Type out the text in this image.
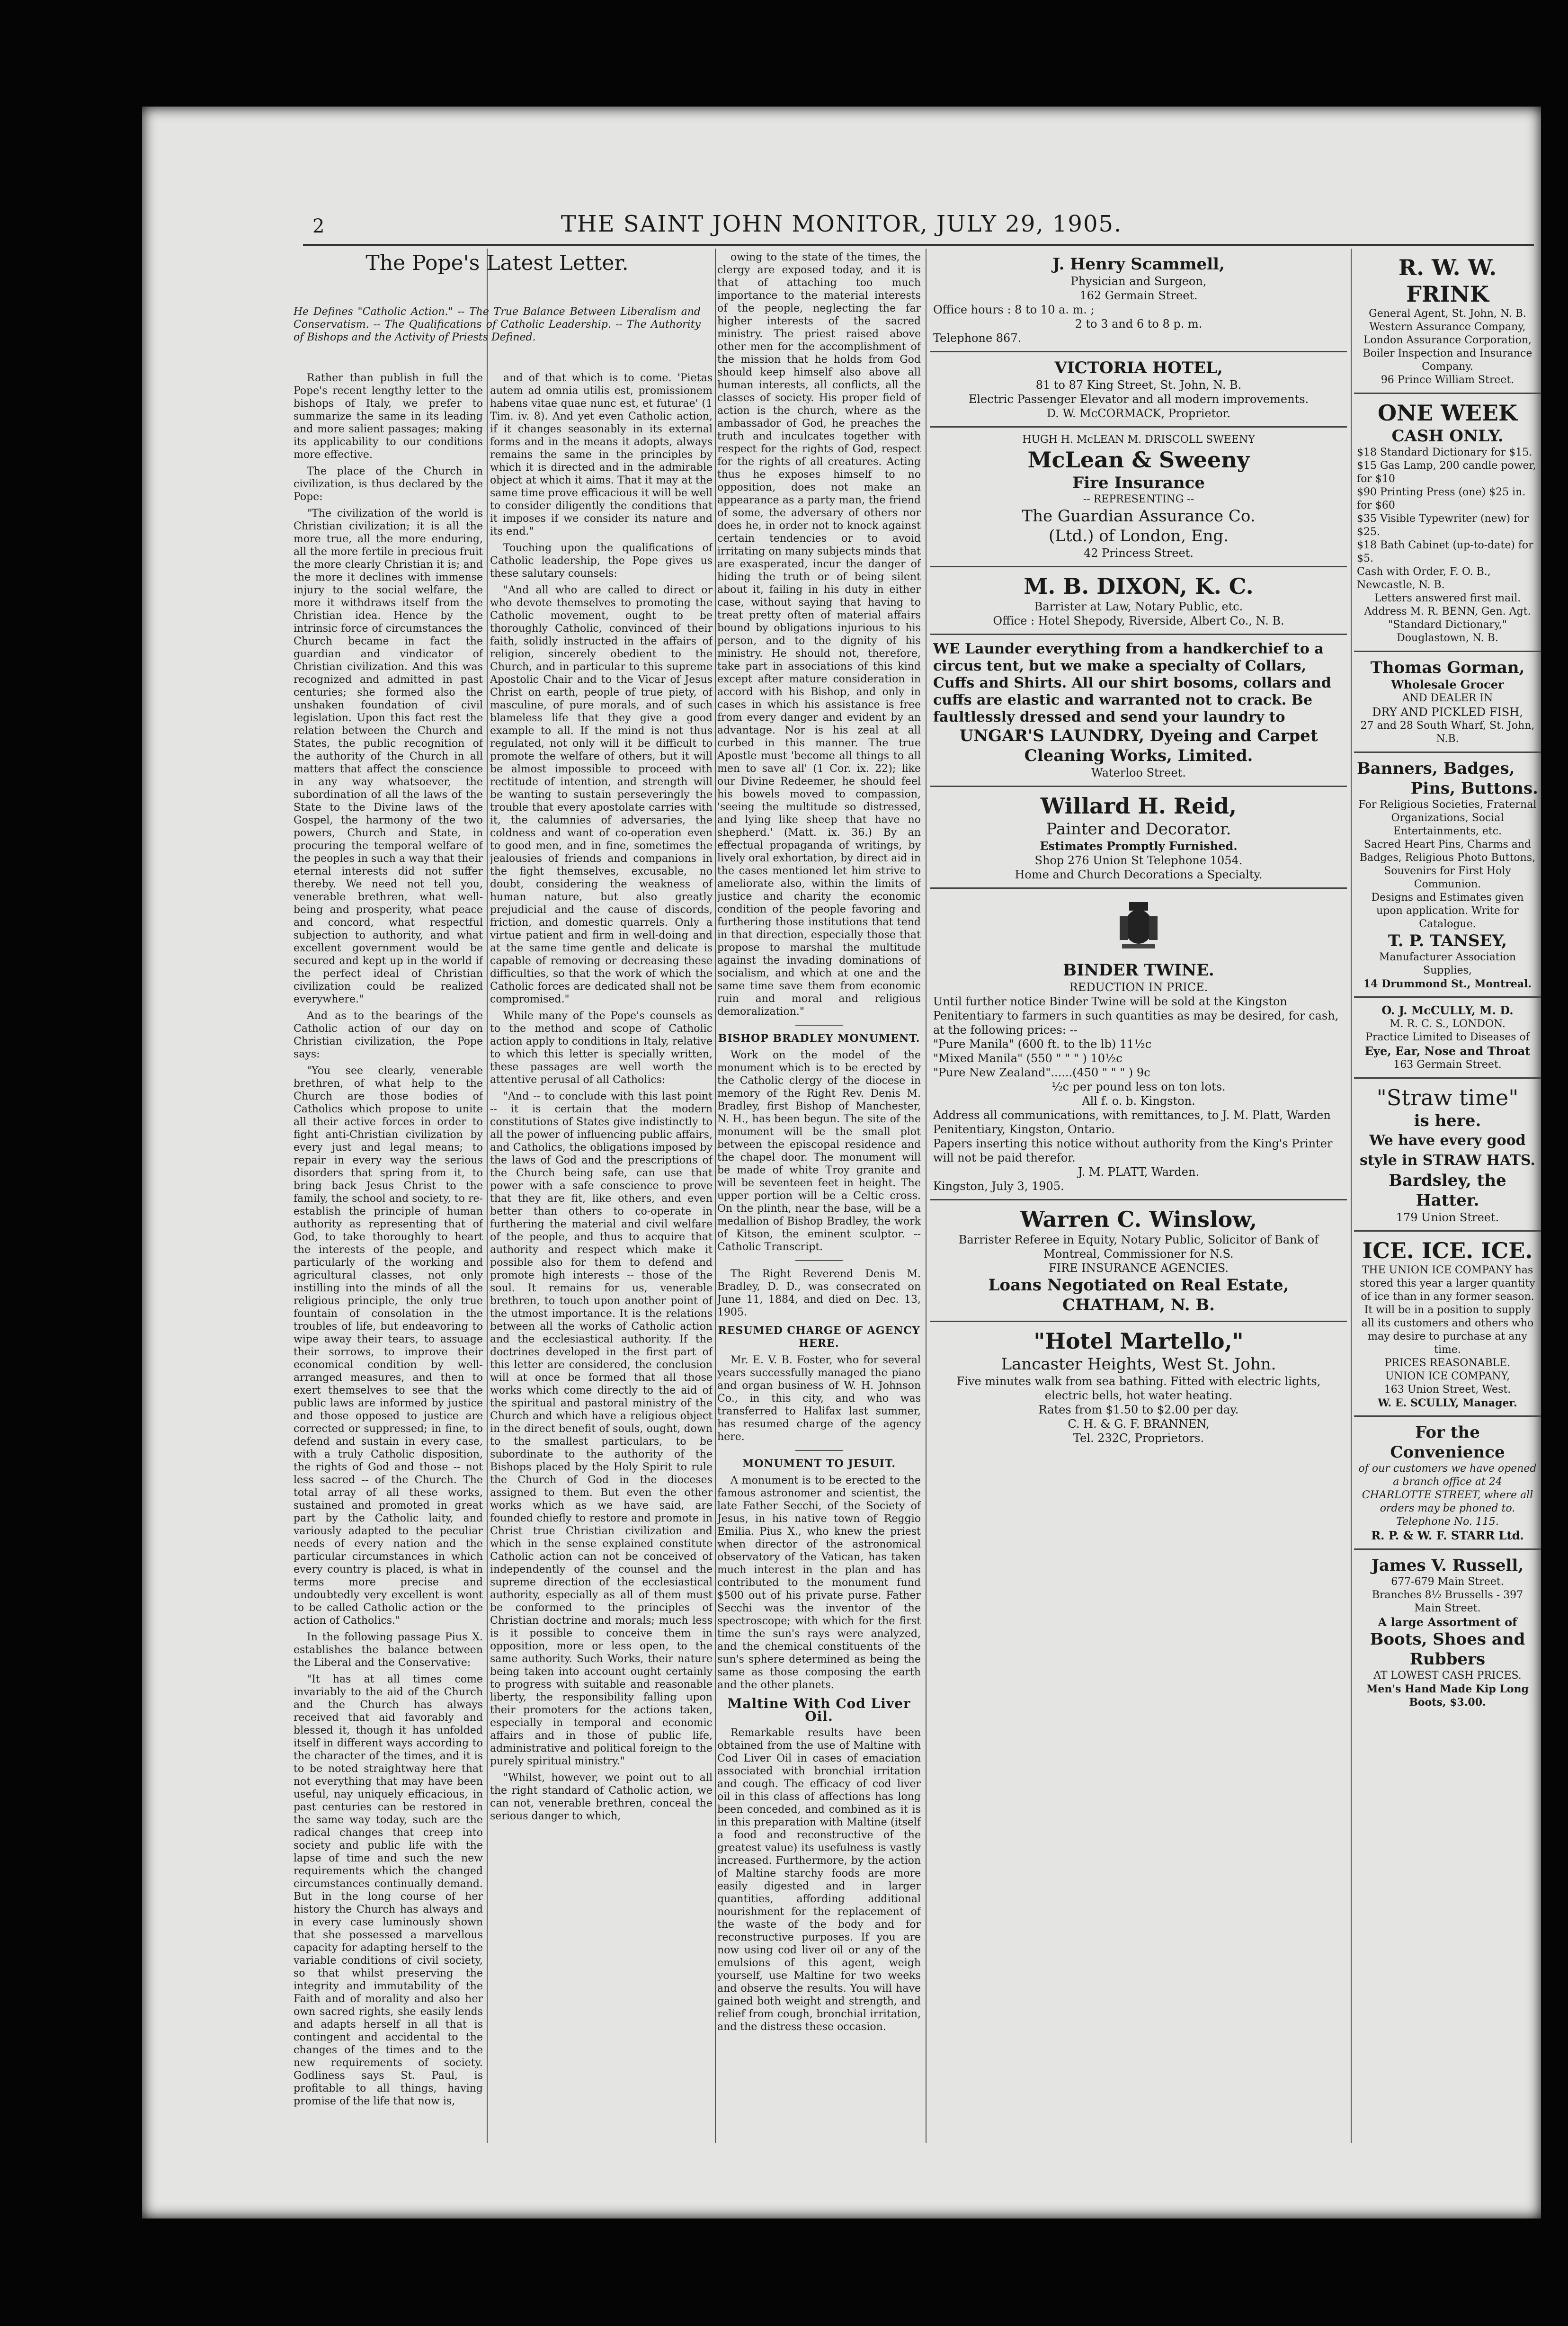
2	THE SAINT JOHN MONITOR, JULY 29, 1905.
The Pope's Latest Letter.
He Defines "Catholic Action." -- The True Balance Between Liberalism and Conservatism. -- The Qualifications of Catholic Leadership. -- The Authority of Bishops and the Activity of Priests Defined.

Rather than publish in full the Pope's recent lengthy letter to the bishops of Italy, we prefer to summarize the same in its leading and more salient passages; making its applicability to our conditions more effective.

The place of the Church in civilization, is thus declared by the Pope:

"The civilization of the world is Christian civilization; it is all the more true, all the more enduring, all the more fertile in precious fruit the more clearly Christian it is; and the more it declines with immense injury to the social welfare, the more it withdraws itself from the Christian idea. Hence by the intrinsic force of circumstances the Church became in fact the guardian and vindicator of Christian civilization. And this was recognized and admitted in past centuries; she formed also the unshaken foundation of civil legislation. Upon this fact rest the relation between the Church and States, the public recognition of the authority of the Church in all matters that affect the conscience in any way whatsoever, the subordination of all the laws of the State to the Divine laws of the Gospel, the harmony of the two powers, Church and State, in procuring the temporal welfare of the peoples in such a way that their eternal interests did not suffer thereby. We need not tell you, venerable brethren, what well-being and prosperity, what peace and concord, what respectful subjection to authority, and what excellent government would be secured and kept up in the world if the perfect ideal of Christian civilization could be realized everywhere."

And as to the bearings of the Catholic action of our day on Christian civilization, the Pope says:

"You see clearly, venerable brethren, of what help to the Church are those bodies of Catholics which propose to unite all their active forces in order to fight anti-Christian civilization by every just and legal means; to repair in every way the serious disorders that spring from it, to bring back Jesus Christ to the family, the school and society, to re-establish the principle of human authority as representing that of God, to take thoroughly to heart the interests of the people, and particularly of the working and agricultural classes, not only instilling into the minds of all the religious principle, the only true fountain of consolation in the troubles of life, but endeavoring to wipe away their tears, to assuage their sorrows, to improve their economical condition by well-arranged measures, and then to exert themselves to see that the public laws are informed by justice and those opposed to justice are corrected or suppressed; in fine, to defend and sustain in every case, with a truly Catholic disposition, the rights of God and those -- not less sacred -- of the Church. The total array of all these works, sustained and promoted in great part by the Catholic laity, and variously adapted to the peculiar needs of every nation and the particular circumstances in which every country is placed, is what in terms more precise and undoubtedly very excellent is wont to be called Catholic action or the action of Catholics."

In the following passage Pius X. establishes the balance between the Liberal and the Conservative:

"It has at all times come invariably to the aid of the Church and the Church has always received that aid favorably and blessed it, though it has unfolded itself in different ways according to the character of the times, and it is to be noted straightway here that not everything that may have been useful, nay uniquely efficacious, in past centuries can be restored in the same way today, such are the radical changes that creep into society and public life with the lapse of time and such the new requirements which the changed circumstances continually demand. But in the long course of her history the Church has always and in every case luminously shown that she possessed a marvellous capacity for adapting herself to the variable conditions of civil society, so that whilst preserving the integrity and immutability of the Faith and of morality and also her own sacred rights, she easily lends and adapts herself in all that is contingent and accidental to the changes of the times and to the new requirements of society. Godliness says St. Paul, is profitable to all things, having promise of the life that now is,

and of that which is to come. 'Pietas autem ad omnia utilis est, promissionem habens vitae quae nunc est, et futurae' (1 Tim. iv. 8). And yet even Catholic action, if it changes seasonably in its external forms and in the means it adopts, always remains the same in the principles by which it is directed and in the admirable object at which it aims. That it may at the same time prove efficacious it will be well to consider diligently the conditions that it imposes if we consider its nature and its end."

Touching upon the qualifications of Catholic leadership, the Pope gives us these salutary counsels:

"And all who are called to direct or who devote themselves to promoting the Catholic movement, ought to be thoroughly Catholic, convinced of their faith, solidly instructed in the affairs of religion, sincerely obedient to the Church, and in particular to this supreme Apostolic Chair and to the Vicar of Jesus Christ on earth, people of true piety, of masculine, of pure morals, and of such blameless life that they give a good example to all. If the mind is not thus regulated, not only will it be difficult to promote the welfare of others, but it will be almost impossible to proceed with rectitude of intention, and strength will be wanting to sustain perseveringly the trouble that every apostolate carries with it, the calumnies of adversaries, the coldness and want of co-operation even to good men, and in fine, sometimes the jealousies of friends and companions in the fight themselves, excusable, no doubt, considering the weakness of human nature, but also greatly prejudicial and the cause of discords, friction, and domestic quarrels. Only a virtue patient and firm in well-doing and at the same time gentle and delicate is capable of removing or decreasing these difficulties, so that the work of which the Catholic forces are dedicated shall not be compromised."

While many of the Pope's counsels as to the method and scope of Catholic action apply to conditions in Italy, relative to which this letter is specially written, these passages are well worth the attentive perusal of all Catholics:

"And -- to conclude with this last point -- it is certain that the modern constitutions of States give indistinctly to all the power of influencing public affairs, and Catholics, the obligations imposed by the laws of God and the prescriptions of the Church being safe, can use that power with a safe conscience to prove that they are fit, like others, and even better than others to co-operate in furthering the material and civil welfare of the people, and thus to acquire that authority and respect which make it possible also for them to defend and promote high interests -- those of the soul. It remains for us, venerable brethren, to touch upon another point of the utmost importance. It is the relations between all the works of Catholic action and the ecclesiastical authority. If the doctrines developed in the first part of this letter are considered, the conclusion will at once be formed that all those works which come directly to the aid of the spiritual and pastoral ministry of the Church and which have a religious object in the direct benefit of souls, ought, down to the smallest particulars, to be subordinate to the authority of the Bishops placed by the Holy Spirit to rule the Church of God in the dioceses assigned to them. But even the other works which as we have said, are founded chiefly to restore and promote in Christ true Christian civilization and which in the sense explained constitute Catholic action can not be conceived of independently of the counsel and the supreme direction of the ecclesiastical authority, especially as all of them must be conformed to the principles of Christian doctrine and morals; much less is it possible to conceive them in opposition, more or less open, to the same authority. Such Works, their nature being taken into account ought certainly to progress with suitable and reasonable liberty, the responsibility falling upon their promoters for the actions taken, especially in temporal and economic affairs and in those of public life, administrative and political foreign to the purely spiritual ministry."

"Whilst, however, we point out to all the right standard of Catholic action, we can not, venerable brethren, conceal the serious danger to which,

owing to the state of the times, the clergy are exposed today, and it is that of attaching too much importance to the material interests of the people, neglecting the far higher interests of the sacred ministry. The priest raised above other men for the accomplishment of the mission that he holds from God should keep himself also above all human interests, all conflicts, all the classes of society. His proper field of action is the church, where as the ambassador of God, he preaches the truth and inculcates together with respect for the rights of God, respect for the rights of all creatures. Acting thus he exposes himself to no opposition, does not make an appearance as a party man, the friend of some, the adversary of others nor does he, in order not to knock against certain tendencies or to avoid irritating on many subjects minds that are exasperated, incur the danger of hiding the truth or of being silent about it, failing in his duty in either case, without saying that having to treat pretty often of material affairs bound by obligations injurious to his person, and to the dignity of his ministry. He should not, therefore, take part in associations of this kind except after mature consideration in accord with his Bishop, and only in cases in which his assistance is free from every danger and evident by an advantage. Nor is his zeal at all curbed in this manner. The true Apostle must 'become all things to all men to save all' (1 Cor. ix. 22); like our Divine Redeemer, he should feel his bowels moved to compassion, 'seeing the multitude so distressed, and lying like sheep that have no shepherd.' (Matt. ix. 36.) By an effectual propaganda of writings, by lively oral exhortation, by direct aid in the cases mentioned let him strive to ameliorate also, within the limits of justice and charity the economic condition of the people favoring and furthering those institutions that tend in that direction, especially those that propose to marshal the multitude against the invading dominations of socialism, and which at one and the same time save them from economic ruin and moral and religious demoralization."

BISHOP BRADLEY MONUMENT.

Work on the model of the monument which is to be erected by the Catholic clergy of the diocese in memory of the Right Rev. Denis M. Bradley, first Bishop of Manchester, N. H., has been begun. The site of the monument will be the small plot between the episcopal residence and the chapel door. The monument will be made of white Troy granite and will be seventeen feet in height. The upper portion will be a Celtic cross. On the plinth, near the base, will be a medallion of Bishop Bradley, the work of Kitson, the eminent sculptor. -- Catholic Transcript.

The Right Reverend Denis M. Bradley, D. D., was consecrated on June 11, 1884, and died on Dec. 13, 1905.

RESUMED CHARGE OF AGENCY HERE.

Mr. E. V. B. Foster, who for several years successfully managed the piano and organ business of W. H. Johnson Co., in this city, and who was transferred to Halifax last summer, has resumed charge of the agency here.

MONUMENT TO JESUIT.

A monument is to be erected to the famous astronomer and scientist, the late Father Secchi, of the Society of Jesus, in his native town of Reggio Emilia. Pius X., who knew the priest when director of the astronomical observatory of the Vatican, has taken much interest in the plan and has contributed to the monument fund $500 out of his private purse. Father Secchi was the inventor of the spectroscope; with which for the first time the sun's rays were analyzed, and the chemical constituents of the sun's sphere determined as being the same as those composing the earth and the other planets.

Maltine With Cod Liver Oil.

Remarkable results have been obtained from the use of Maltine with Cod Liver Oil in cases of emaciation associated with bronchial irritation and cough. The efficacy of cod liver oil in this class of affections has long been conceded, and combined as it is in this preparation with Maltine (itself a food and reconstructive of the greatest value) its usefulness is vastly increased. Furthermore, by the action of Maltine starchy foods are more easily digested and in larger quantities, affording additional nourishment for the replacement of the waste of the body and for reconstructive purposes. If you are now using cod liver oil or any of the emulsions of this agent, weigh yourself, use Maltine for two weeks and observe the results. You will have gained both weight and strength, and relief from cough, bronchial irritation, and the distress these occasion.

J. Henry Scammell,
Physician and Surgeon,
162 Germain Street.
Office hours : 8 to 10 a. m. ;
2 to 3 and 6 to 8 p. m.
Telephone 867.
VICTORIA HOTEL,
81 to 87 King Street, St. John, N. B.
Electric Passenger Elevator and all modern improvements.
D. W. McCORMACK, Proprietor.
HUGH H. McLEAN M. DRISCOLL SWEENY
McLean & Sweeny
Fire Insurance
-- REPRESENTING --
The Guardian Assurance Co.
(Ltd.) of London, Eng.
42 Princess Street.
M. B. DIXON, K. C.
Barrister at Law, Notary Public, etc.
Office : Hotel Shepody, Riverside, Albert Co., N. B.
WE Launder everything from a handkerchief to a circus tent, but we make a specialty of Collars, Cuffs and Shirts. All our shirt bosoms, collars and cuffs are elastic and warranted not to crack. Be faultlessly dressed and send your laundry to
UNGAR'S LAUNDRY, Dyeing and Carpet Cleaning Works, Limited.
Waterloo Street.
Willard H. Reid,
Painter and Decorator.
Estimates Promptly Furnished.
Shop 276 Union St Telephone 1054.
Home and Church Decorations a Specialty.
BINDER TWINE.
REDUCTION IN PRICE.
Until further notice Binder Twine will be sold at the Kingston Penitentiary to farmers in such quantities as may be desired, for cash, at the following prices: --
"Pure Manila" (600 ft. to the lb) 11½c
"Mixed Manila" (550 " " " ) 10½c
"Pure New Zealand"......(450 " " " ) 9c
½c per pound less on ton lots.
All f. o. b. Kingston.
Address all communications, with remittances, to J. M. Platt, Warden Penitentiary, Kingston, Ontario.
Papers inserting this notice without authority from the King's Printer will not be paid therefor.
J. M. PLATT, Warden.
Kingston, July 3, 1905.
Warren C. Winslow,
Barrister Referee in Equity, Notary Public, Solicitor of Bank of Montreal, Commissioner for N.S.
FIRE INSURANCE AGENCIES.
Loans Negotiated on Real Estate,
CHATHAM, N. B.
"Hotel Martello,"
Lancaster Heights, West St. John.
Five minutes walk from sea bathing. Fitted with electric lights, electric bells, hot water heating.
Rates from $1.50 to $2.00 per day.
C. H. & G. F. BRANNEN,
Tel. 232C, Proprietors.
R. W. W. FRINK
General Agent, St. John, N. B.
Western Assurance Company, London Assurance Corporation, Boiler Inspection and Insurance Company.
96 Prince William Street.
ONE WEEK
CASH ONLY.
$18 Standard Dictionary for $15.
$15 Gas Lamp, 200 candle power, for $10
$90 Printing Press (one) $25 in. for $60
$35 Visible Typewriter (new) for $25.
$18 Bath Cabinet (up-to-date) for $5.
Cash with Order, F. O. B., Newcastle, N. B.
Letters answered first mail. Address M. R. BENN, Gen. Agt. "Standard Dictionary," Douglastown, N. B.
Thomas Gorman,
Wholesale Grocer
AND DEALER IN
DRY AND PICKLED FISH,
27 and 28 South Wharf, St. John, N.B.
Banners, Badges,
Pins, Buttons.
For Religious Societies, Fraternal Organizations, Social Entertainments, etc.
Sacred Heart Pins, Charms and Badges, Religious Photo Buttons, Souvenirs for First Holy Communion.
Designs and Estimates given upon application. Write for Catalogue.
T. P. TANSEY,
Manufacturer Association Supplies,
14 Drummond St., Montreal.
O. J. McCULLY, M. D.
M. R. C. S., LONDON.
Practice Limited to Diseases of
Eye, Ear, Nose and Throat
163 Germain Street.
"Straw time"
is here.
We have every good style in STRAW HATS.
Bardsley, the Hatter.
179 Union Street.
ICE. ICE. ICE.
THE UNION ICE COMPANY has stored this year a larger quantity of ice than in any former season. It will be in a position to supply all its customers and others who may desire to purchase at any time.
PRICES REASONABLE.
UNION ICE COMPANY,
163 Union Street, West.
W. E. SCULLY, Manager.
For the Convenience
of our customers we have opened a branch office at 24 CHARLOTTE STREET, where all orders may be phoned to. Telephone No. 115.
R. P. & W. F. STARR Ltd.
James V. Russell,
677-679 Main Street.
Branches 8½ Brussells - 397 Main Street.
A large Assortment of
Boots, Shoes and Rubbers
AT LOWEST CASH PRICES.
Men's Hand Made Kip Long Boots, $3.00.
